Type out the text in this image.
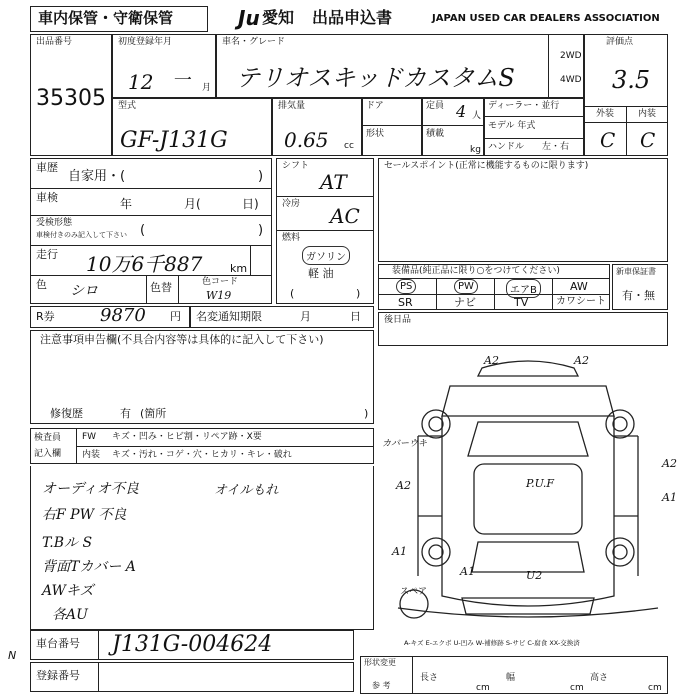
車内保管・守衛保管	Ju 愛知 出品申込書	JAPAN USED CAR DEALERS ASSOCIATION
出品番号
35305
初度登録年月
12 一 月
車名・グレード
テリオスキッドカスタムS
2WD
4WD
評価点
3.5
型式
GF-J131G
排気量
0.65 cc
ドア
形状
定員 4 人
積載
kg
ディーラー・並行
モデル 年式
ハンドル 左・右
外装	内装
C C
車歴
自家用・(	)
車検	年	月(	日)
受検形態
車検付きのみ記入して下さい (	)
走行 10万6千887	km
色 シロ	色替	色コード
W19
R券	9870 円 名変通知期限	月	日
シフト
AT
冷房 AC
燃料
ガソリン
軽 油
(	)
セールスポイント(正常に機能するものに限ります)
装備品(純正品に限り○をつけてください)
PS	PW	エアB	AW
SR	ナビ	TV	カワシート
新車保証書
有・無
後日品
注意事項申告欄(不具合内容等は具体的に記入して下さい)
修復歴	有 (箇所	)
検査員
記入欄
FW キズ・凹み・ヒビ割・リペア跡・X要
内装 キズ・汚れ・コゲ・穴・ヒカリ・キレ・破れ
オーディオ不良	オイルもれ
右F PW 不良
T.Bル S
背面Tカバー A
AWキズ
各AU
A2	A2
カバーウキ
A2
A1
A2	P.U.F
A1
A1	U2
スペア
A-キズ E-エクボ U-凹み W-補修跡 S-サビ C-腐食 XX-交換済
車台番号 J131G-004624
登録番号
形状変更
参 考
長さ
cm
幅
cm
高さ
cm
N
